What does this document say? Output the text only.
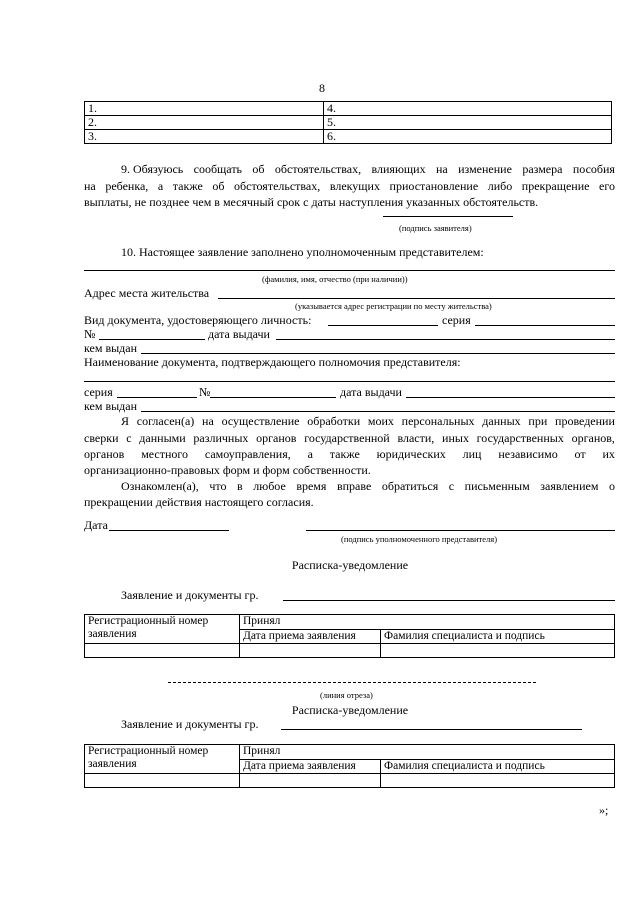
8
1.	4.
2.	5.
3.	6.
9. Обязуюсь сообщать об обстоятельствах, влияющих на изменение размера пособия
на ребенка, а также об обстоятельствах, влекущих приостановление либо прекращение его
выплаты, не позднее чем в месячный срок с даты наступления указанных обстоятельств.
(подпись заявителя)
10. Настоящее заявление заполнено уполномоченным представителем:
(фамилия, имя, отчество (при наличии))
Адрес места жительства
(указывается адрес регистрации по месту жительства)
Вид документа, удостоверяющего личность:	серия
№	дата выдачи
кем выдан
Наименование документа, подтверждающего полномочия представителя:
серия	№	дата выдачи
кем выдан
Я согласен(а) на осуществление обработки моих персональных данных при проведении
сверки с данными различных органов государственной власти, иных государственных органов,
органов местного самоуправления, а также юридических лиц независимо от их
организационно-правовых форм и форм собственности.
Ознакомлен(а), что в любое время вправе обратиться с письменным заявлением о
прекращении действия настоящего согласия.
Дата
(подпись уполномоченного представителя)
Расписка-уведомление
Заявление и документы гр.
Регистрационный номер заявления	Принял	
	Дата приема заявления	Фамилия специалиста и подпись

(линия отреза)
Расписка-уведомление
Заявление и документы гр.
Регистрационный номер заявления	Принял	
	Дата приема заявления	Фамилия специалиста и подпись

»;
